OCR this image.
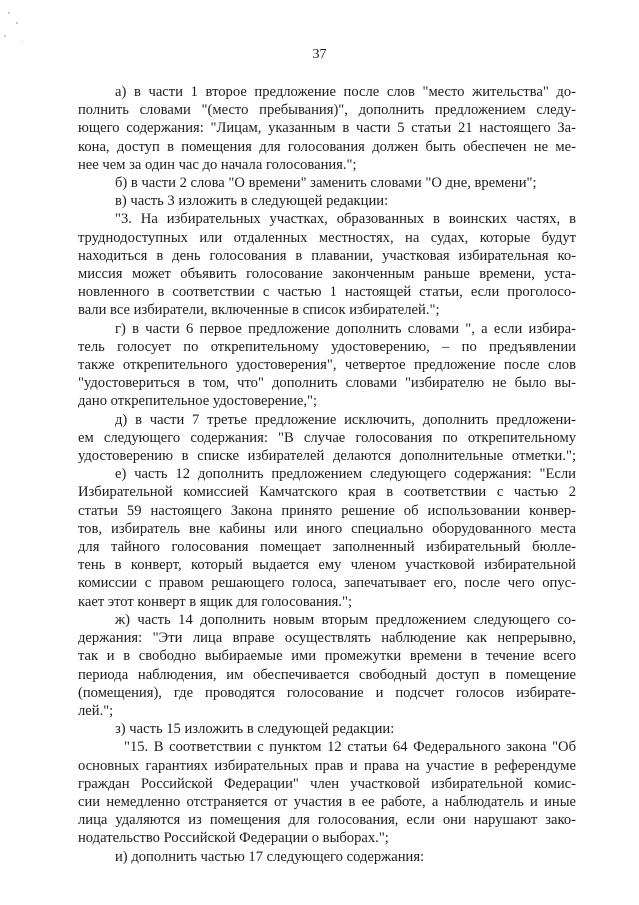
37
а) в части 1 второе предложение после слов "место жительства" до-
полнить словами "(место пребывания)", дополнить предложением следу-
ющего содержания: "Лицам, указанным в части 5 статьи 21 настоящего За-
кона, доступ в помещения для голосования должен быть обеспечен не ме-
нее чем за один час до начала голосования.";
б) в части 2 слова "О времени" заменить словами "О дне, времени";
в) часть 3 изложить в следующей редакции:
"3. На избирательных участках, образованных в воинских частях, в
труднодоступных или отдаленных местностях, на судах, которые будут
находиться в день голосования в плавании, участковая избирательная ко-
миссия может объявить голосование законченным раньше времени, уста-
новленного в соответствии с частью 1 настоящей статьи, если проголосо-
вали все избиратели, включенные в список избирателей.";
г) в части 6 первое предложение дополнить словами ", а если избира-
тель голосует по открепительному удостоверению, – по предъявлении
также открепительного удостоверения", четвертое предложение после слов
"удостовериться в том, что" дополнить словами "избирателю не было вы-
дано открепительное удостоверение,";
д) в части 7 третье предложение исключить, дополнить предложени-
ем следующего содержания: "В случае голосования по открепительному
удостоверению в списке избирателей делаются дополнительные отметки.";
е) часть 12 дополнить предложением следующего содержания: "Если
Избирательной комиссией Камчатского края в соответствии с частью 2
статьи 59 настоящего Закона принято решение об использовании конвер-
тов, избиратель вне кабины или иного специально оборудованного места
для тайного голосования помещает заполненный избирательный бюлле-
тень в конверт, который выдается ему членом участковой избирательной
комиссии с правом решающего голоса, запечатывает его, после чего опус-
кает этот конверт в ящик для голосования.";
ж) часть 14 дополнить новым вторым предложением следующего со-
держания: "Эти лица вправе осуществлять наблюдение как непрерывно,
так и в свободно выбираемые ими промежутки времени в течение всего
периода наблюдения, им обеспечивается свободный доступ в помещение
(помещения), где проводятся голосование и подсчет голосов избирате-
лей.";
з) часть 15 изложить в следующей редакции:
"15. В соответствии с пунктом 12 статьи 64 Федерального закона "Об
основных гарантиях избирательных прав и права на участие в референдуме
граждан Российской Федерации" член участковой избирательной комис-
сии немедленно отстраняется от участия в ее работе, а наблюдатель и иные
лица удаляются из помещения для голосования, если они нарушают зако-
нодательство Российской Федерации о выборах.";
и) дополнить частью 17 следующего содержания:
